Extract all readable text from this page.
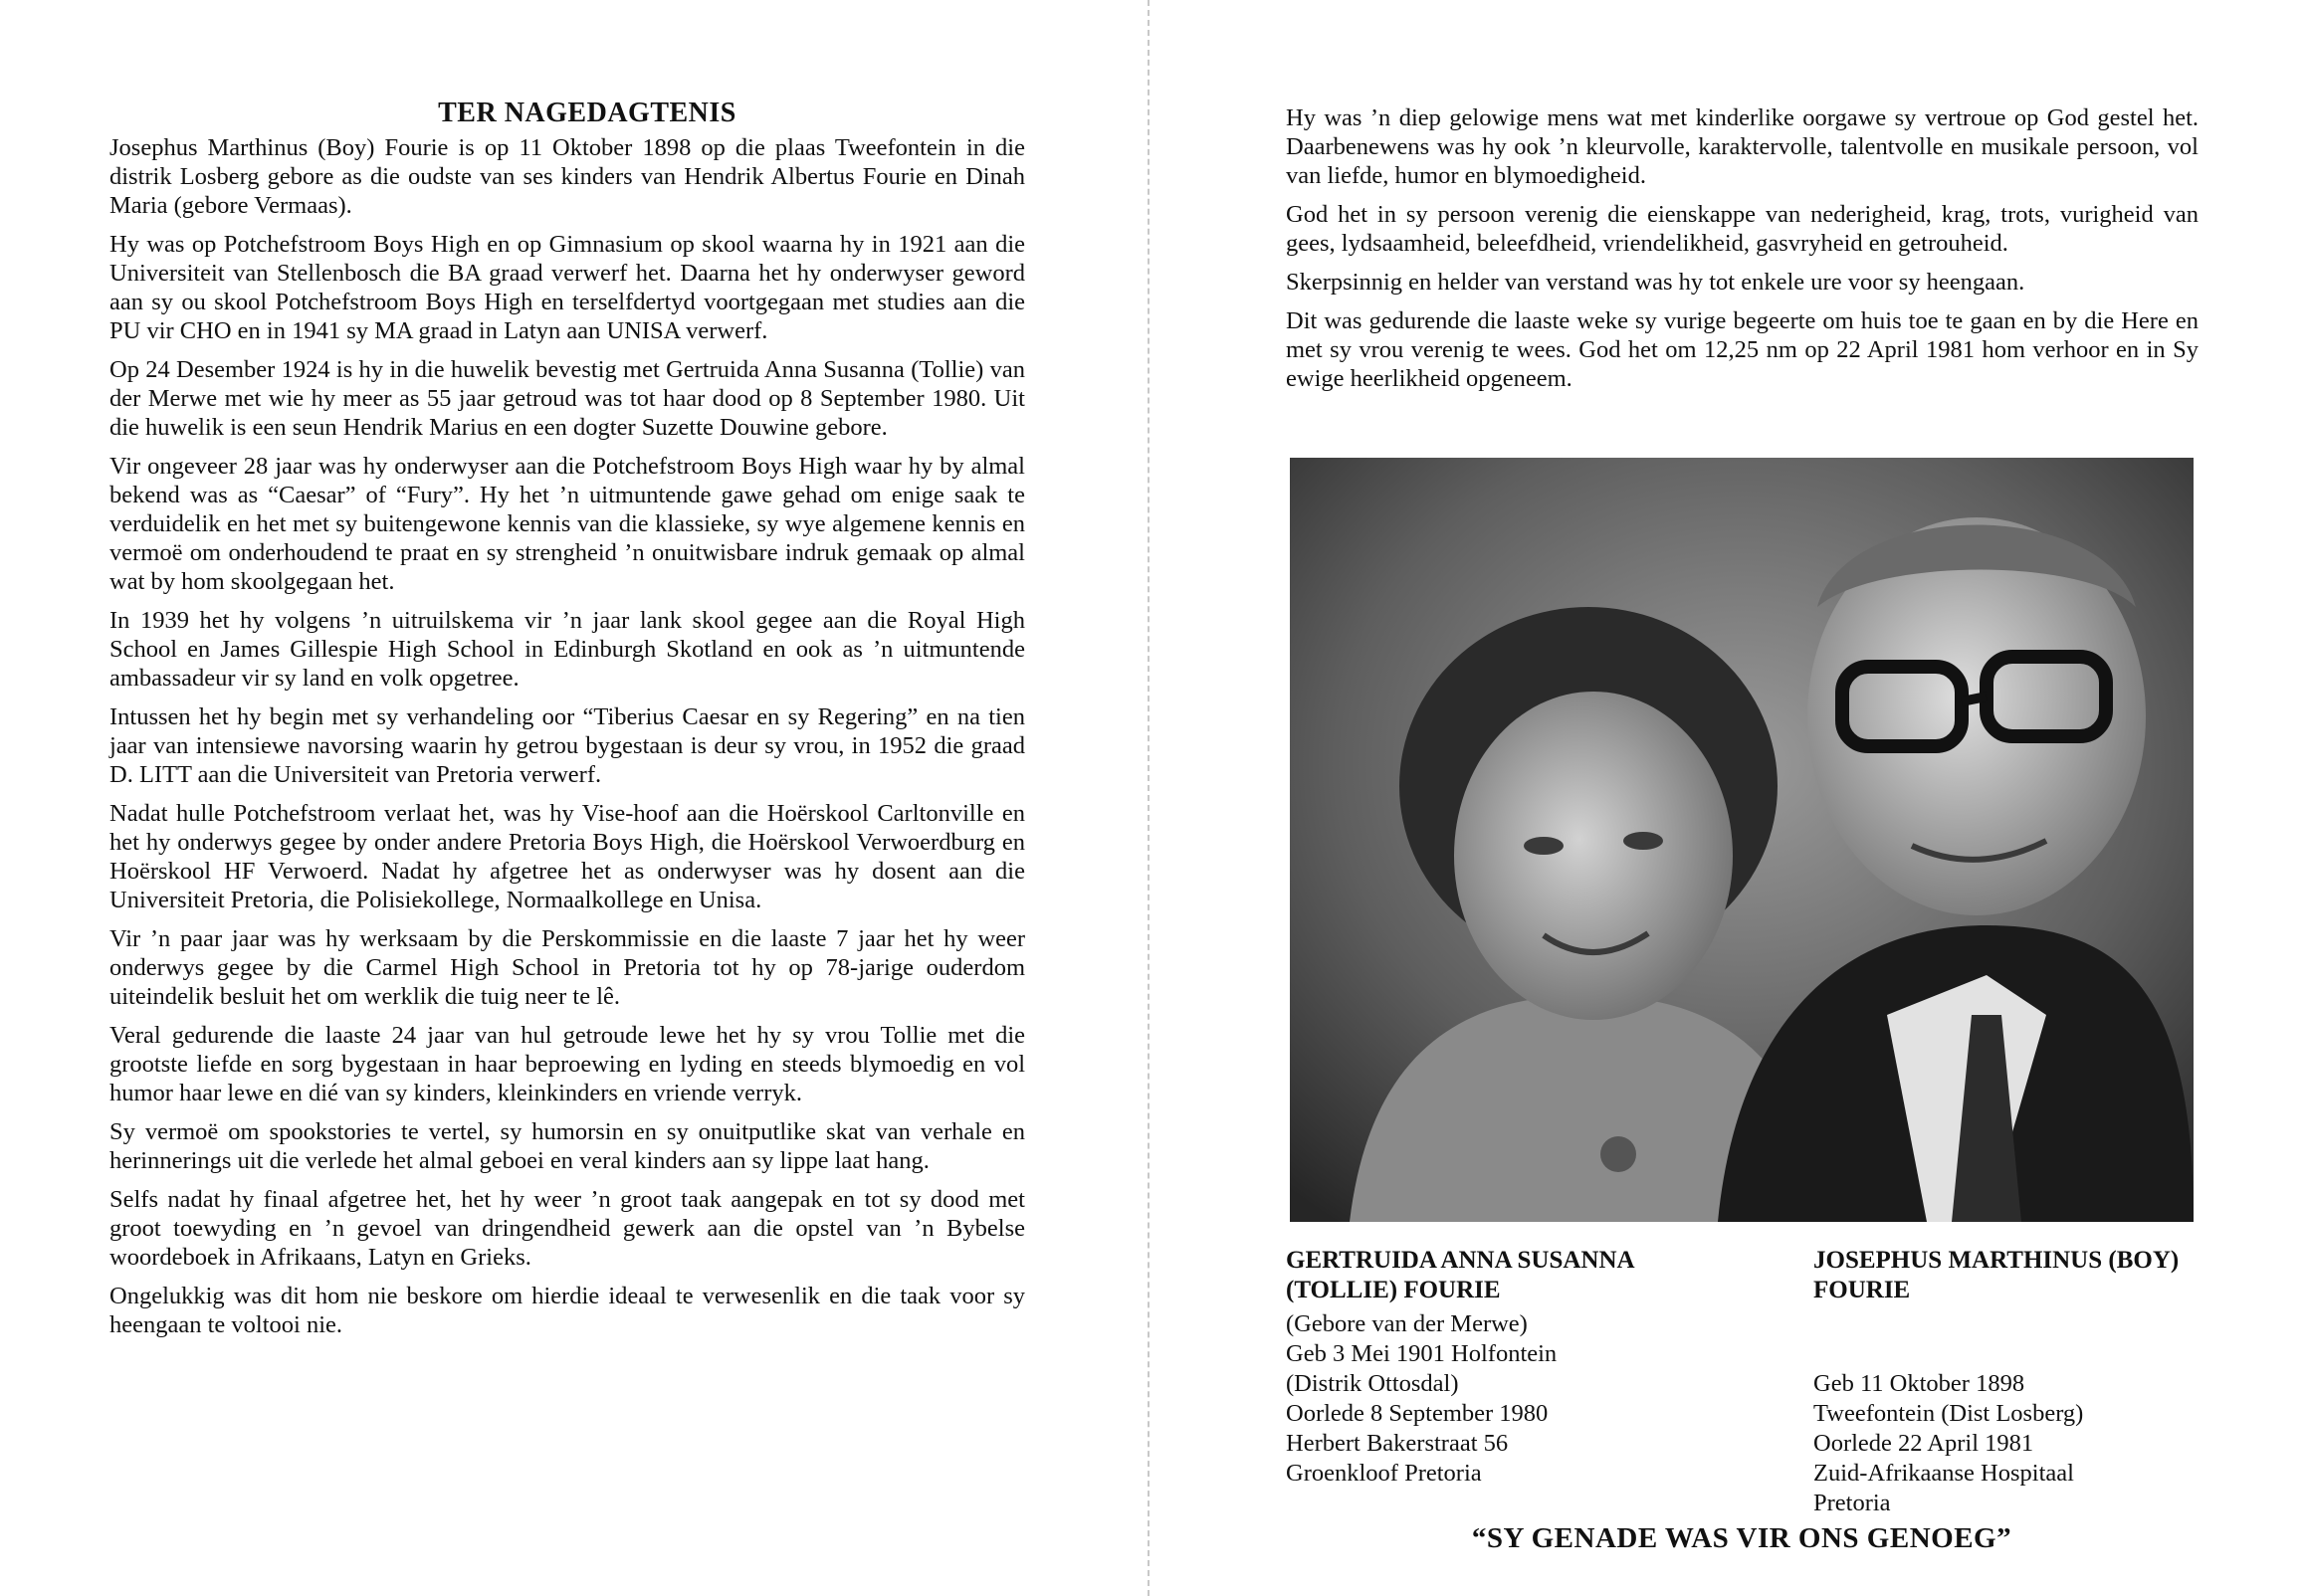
TER NAGEDAGTENIS

Josephus Marthinus (Boy) Fourie is op 11 Oktober 1898 op die plaas Tweefontein in die distrik Losberg gebore as die oudste van ses kinders van Hendrik Albertus Fourie en Dinah Maria (gebore Vermaas).

Hy was op Potchefstroom Boys High en op Gimnasium op skool waarna hy in 1921 aan die Universiteit van Stellenbosch die BA graad verwerf het. Daarna het hy onderwyser geword aan sy ou skool Potchefstroom Boys High en terselfdertyd voortgegaan met studies aan die PU vir CHO en in 1941 sy MA graad in Latyn aan UNISA verwerf.

Op 24 Desember 1924 is hy in die huwelik bevestig met Gertruida Anna Susanna (Tollie) van der Merwe met wie hy meer as 55 jaar getroud was tot haar dood op 8 September 1980. Uit die huwelik is een seun Hendrik Marius en een dogter Suzette Douwine gebore.

Vir ongeveer 28 jaar was hy onderwyser aan die Potchefstroom Boys High waar hy by almal bekend was as “Caesar” of “Fury”. Hy het ’n uitmuntende gawe gehad om enige saak te verduidelik en het met sy buitengewone kennis van die klassieke, sy wye algemene kennis en vermoë om onderhoudend te praat en sy strengheid ’n onuitwisbare indruk gemaak op almal wat by hom skoolgegaan het.

In 1939 het hy volgens ’n uitruilskema vir ’n jaar lank skool gegee aan die Royal High School en James Gillespie High School in Edinburgh Skotland en ook as ’n uitmuntende ambassadeur vir sy land en volk opgetree.

Intussen het hy begin met sy verhandeling oor “Tiberius Caesar en sy Regering” en na tien jaar van intensiewe navorsing waarin hy getrou bygestaan is deur sy vrou, in 1952 die graad D. LITT aan die Universiteit van Pretoria verwerf.

Nadat hulle Potchefstroom verlaat het, was hy Vise-hoof aan die Hoërskool Carltonville en het hy onderwys gegee by onder andere Pretoria Boys High, die Hoërskool Verwoerdburg en Hoërskool HF Verwoerd. Nadat hy afgetree het as onderwyser was hy dosent aan die Universiteit Pretoria, die Polisiekollege, Normaalkollege en Unisa.

Vir ’n paar jaar was hy werksaam by die Perskommissie en die laaste 7 jaar het hy weer onderwys gegee by die Carmel High School in Pretoria tot hy op 78-jarige ouderdom uiteindelik besluit het om werklik die tuig neer te lê.

Veral gedurende die laaste 24 jaar van hul getroude lewe het hy sy vrou Tollie met die grootste liefde en sorg bygestaan in haar beproewing en lyding en steeds blymoedig en vol humor haar lewe en dié van sy kinders, kleinkinders en vriende verryk.

Sy vermoë om spookstories te vertel, sy humorsin en sy onuitputlike skat van verhale en herinnerings uit die verlede het almal geboei en veral kinders aan sy lippe laat hang.

Selfs nadat hy finaal afgetree het, het hy weer ’n groot taak aangepak en tot sy dood met groot toewyding en ’n gevoel van dringendheid gewerk aan die opstel van ’n Bybelse woordeboek in Afrikaans, Latyn en Grieks.

Ongelukkig was dit hom nie beskore om hierdie ideaal te verwesenlik en die taak voor sy heengaan te voltooi nie.

Hy was ’n diep gelowige mens wat met kinderlike oorgawe sy vertroue op God gestel het. Daarbenewens was hy ook ’n kleurvolle, karaktervolle, talentvolle en musikale persoon, vol van liefde, humor en blymoedigheid.

God het in sy persoon verenig die eienskappe van nederigheid, krag, trots, vurigheid van gees, lydsaamheid, beleefdheid, vriendelikheid, gasvryheid en getrouheid.

Skerpsinnig en helder van verstand was hy tot enkele ure voor sy heengaan.

Dit was gedurende die laaste weke sy vurige begeerte om huis toe te gaan en by die Here en met sy vrou verenig te wees. God het om 12,25 nm op 22 April 1981 hom verhoor en in Sy ewige heerlikheid opgeneem.

GERTRUIDA ANNA SUSANNA
(TOLLIE) FOURIE
(Gebore van der Merwe)
Geb 3 Mei 1901 Holfontein
(Distrik Ottosdal)
Oorlede 8 September 1980
Herbert Bakerstraat 56
Groenkloof Pretoria
JOSEPHUS MARTHINUS (BOY)
FOURIE
Geb 11 Oktober 1898
Tweefontein (Dist Losberg)
Oorlede 22 April 1981
Zuid-Afrikaanse Hospitaal
Pretoria
“SY GENADE WAS VIR ONS GENOEG”
